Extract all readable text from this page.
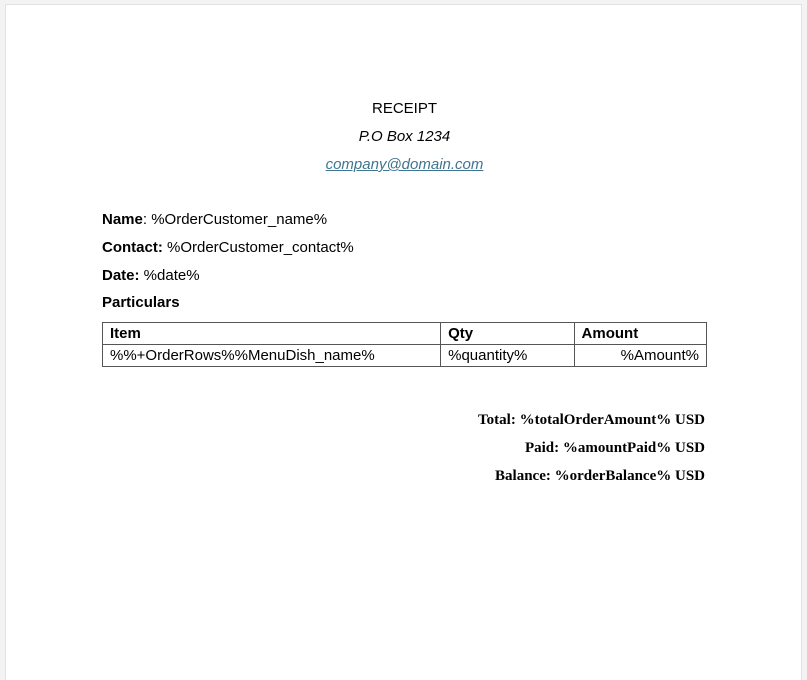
RECEIPT
P.O Box 1234
company@domain.com
Name: %OrderCustomer_name%
Contact: %OrderCustomer_contact%
Date: %date%
Particulars
Item	Qty	Amount
%%+OrderRows%%MenuDish_name%	%quantity%	%Amount%
Total: %totalOrderAmount% USD
Paid: %amountPaid% USD
Balance: %orderBalance% USD
